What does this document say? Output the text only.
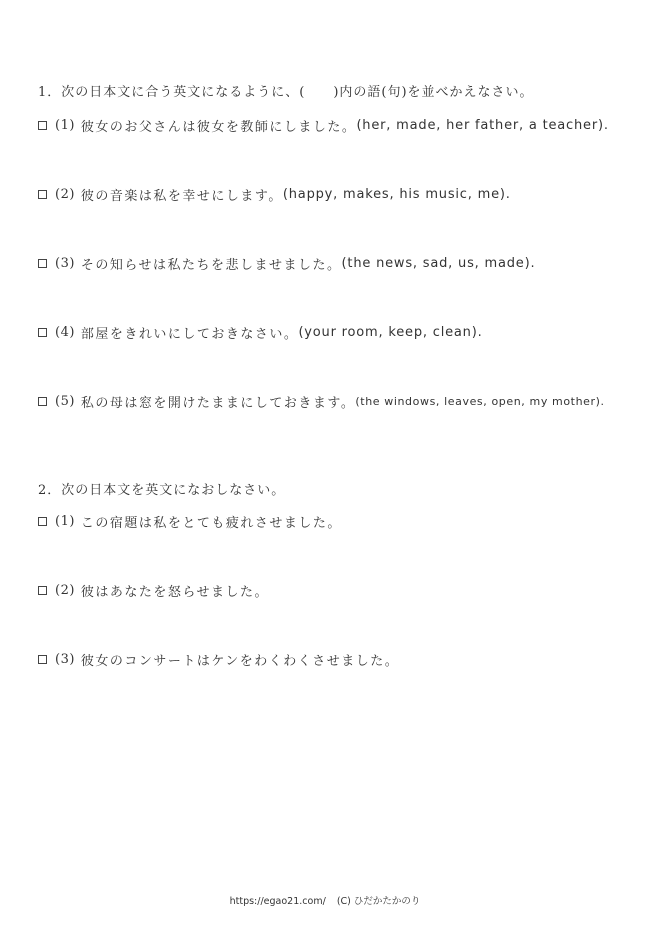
1．次の日本文に合う英文になるように、(　　)内の語(句)を並べかえなさい。
(1) 彼女のお父さんは彼女を教師にしました。 (her, made, her father, a teacher).
(2) 彼の音楽は私を幸せにします。 (happy, makes, his music, me).
(3) その知らせは私たちを悲しませました。 (the news, sad, us, made).
(4) 部屋をきれいにしておきなさい。 (your room, keep, clean).
(5) 私の母は窓を開けたままにしておきます。 (the windows, leaves, open, my mother).
2．次の日本文を英文になおしなさい。
(1) この宿題は私をとても疲れさせました。
(2) 彼はあなたを怒らせました。
(3) 彼女のコンサートはケンをわくわくさせました。
https://egao21.com/ (C) ひだかたかのり
